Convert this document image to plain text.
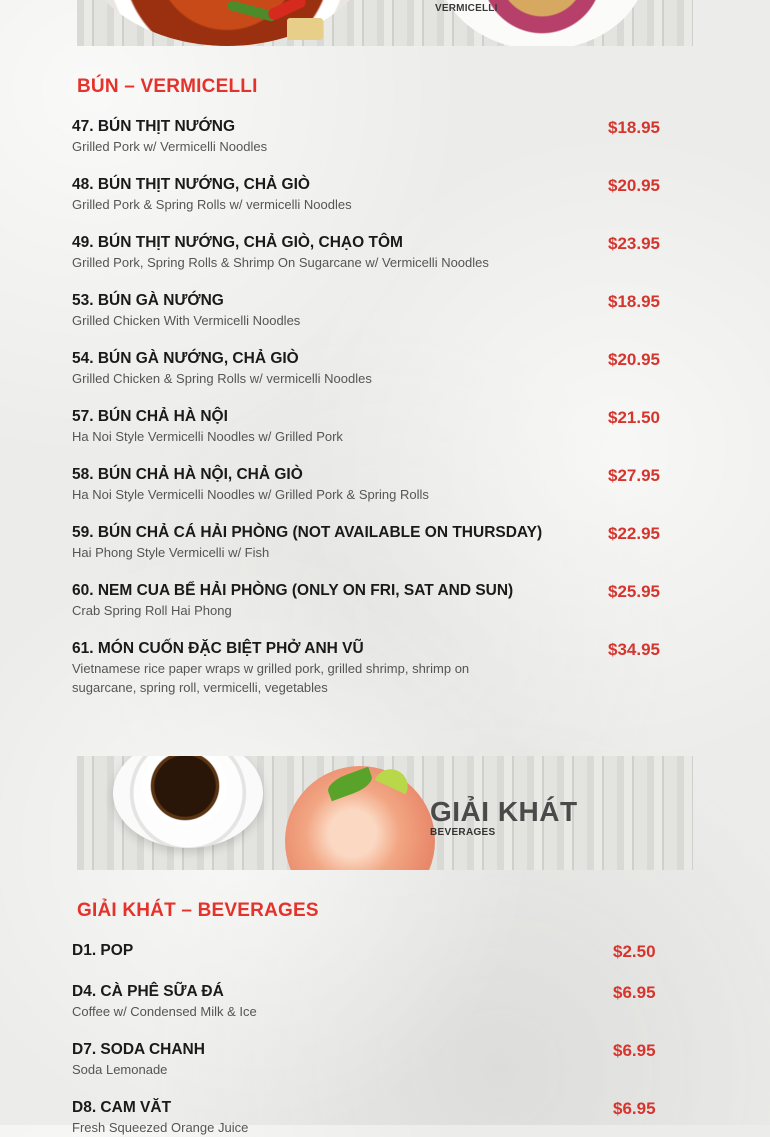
VERMICELLI
BÚN – VERMICELLI
47. BÚN THỊT NƯỚNG
Grilled Pork w/ Vermicelli Noodles
$18.95
48. BÚN THỊT NƯỚNG, CHẢ GIÒ
Grilled Pork & Spring Rolls w/ vermicelli Noodles
$20.95
49. BÚN THỊT NƯỚNG, CHẢ GIÒ, CHẠO TÔM
Grilled Pork, Spring Rolls & Shrimp On Sugarcane w/ Vermicelli Noodles
$23.95
53. BÚN GÀ NƯỚNG
Grilled Chicken With Vermicelli Noodles
$18.95
54. BÚN GÀ NƯỚNG, CHẢ GIÒ
Grilled Chicken & Spring Rolls w/ vermicelli Noodles
$20.95
57. BÚN CHẢ HÀ NỘI
Ha Noi Style Vermicelli Noodles w/ Grilled Pork
$21.50
58. BÚN CHẢ HÀ NỘI, CHẢ GIÒ
Ha Noi Style Vermicelli Noodles w/ Grilled Pork & Spring Rolls
$27.95
59. BÚN CHẢ CÁ HẢI PHÒNG (NOT AVAILABLE ON THURSDAY)
Hai Phong Style Vermicelli w/ Fish
$22.95
60. NEM CUA BỂ HẢI PHÒNG (ONLY ON FRI, SAT AND SUN)
Crab Spring Roll Hai Phong
$25.95
61. MÓN CUỐN ĐẶC BIỆT PHỞ ANH VŨ
Vietnamese rice paper wraps w grilled pork, grilled shrimp, shrimp on sugarcane, spring roll, vermicelli, vegetables
$34.95
GIẢI KHÁT
BEVERAGES
GIẢI KHÁT – BEVERAGES
D1. POP	$2.50
D4. CÀ PHÊ SỮA ĐÁ
Coffee w/ Condensed Milk & Ice
$6.95
D7. SODA CHANH
Soda Lemonade
$6.95
D8. CAM VĂT
Fresh Squeezed Orange Juice
$6.95
